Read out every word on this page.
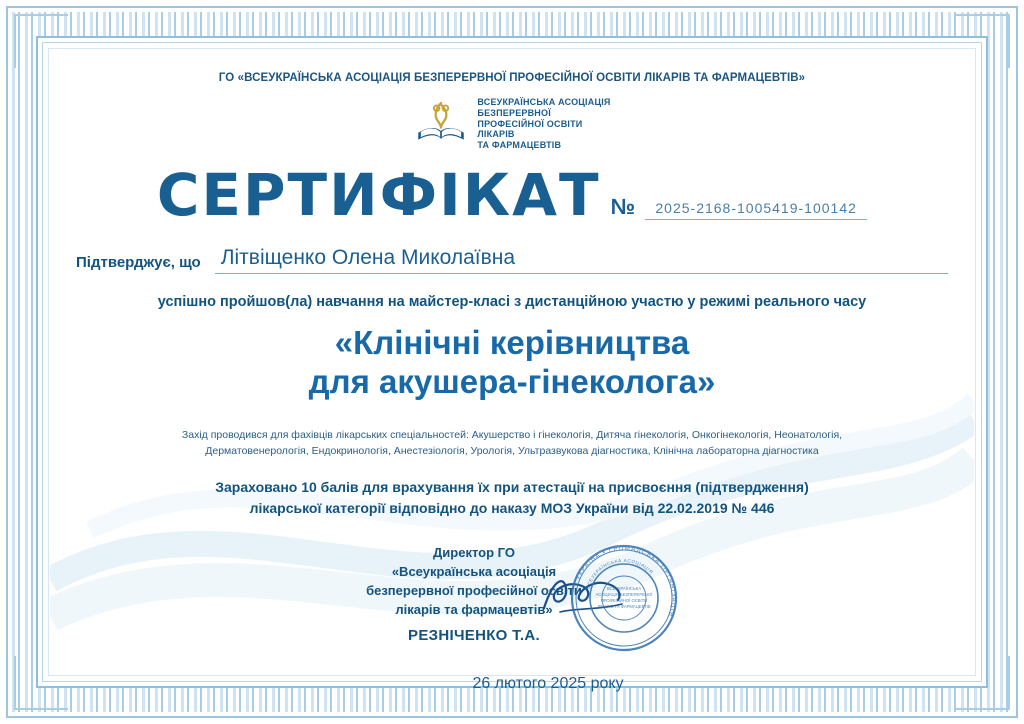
ГО «ВСЕУКРАЇНСЬКА АСОЦІАЦІЯ БЕЗПЕРЕРВНОЇ ПРОФЕСІЙНОЇ ОСВІТИ ЛІКАРІВ ТА ФАРМАЦЕВТІВ»
ВСЕУКРАЇНСЬКА АСОЦІАЦІЯ
БЕЗПЕРЕРВНОЇ
ПРОФЕСІЙНОЇ ОСВІТИ
ЛІКАРІВ
ТА ФАРМАЦЕВТІВ
СЕРТИФІКАТ №	2025-2168-1005419-100142
Підтверджує, що Літвіщенко Олена Миколаївна
успішно пройшов(ла) навчання на майстер-класі з дистанційною участю у режимі реального часу
«Клінічні керівництва
для акушера-гінеколога»
Захід проводився для фахівців лікарських спеціальностей: Акушерство і гінекологія, Дитяча гінекологія, Онкогінекологія, Неонатологія,
Дерматовенерологія, Ендокринологія, Анестезіологія, Урологія, Ультразвукова діагностика, Клінічна лабораторна діагностика
Зараховано 10 балів для врахування їх при атестації на присвоєння (підтвердження)
лікарської категорії відповідно до наказу МОЗ України від 22.02.2019 № 446
Директор ГО
«Всеукраїнська асоціація
безперервної професійної освіти
лікарів та фармацевтів»
РЕЗНІЧЕНКО Т.А.
УКРАЇНА • ГРОМАДСЬКА ОРГАНІЗАЦІЯ
ВСЕУКРАЇНСЬКА АСОЦІАЦІЯ
ВСЕУКРАЇНСЬКА
АСОЦІАЦІЯ БЕЗПЕРЕРВНОЇ
ПРОФЕСІЙНОЇ ОСВІТИ
ЛІКАРІВ ТА ФАРМАЦЕВТІВ
26 лютого 2025 року
